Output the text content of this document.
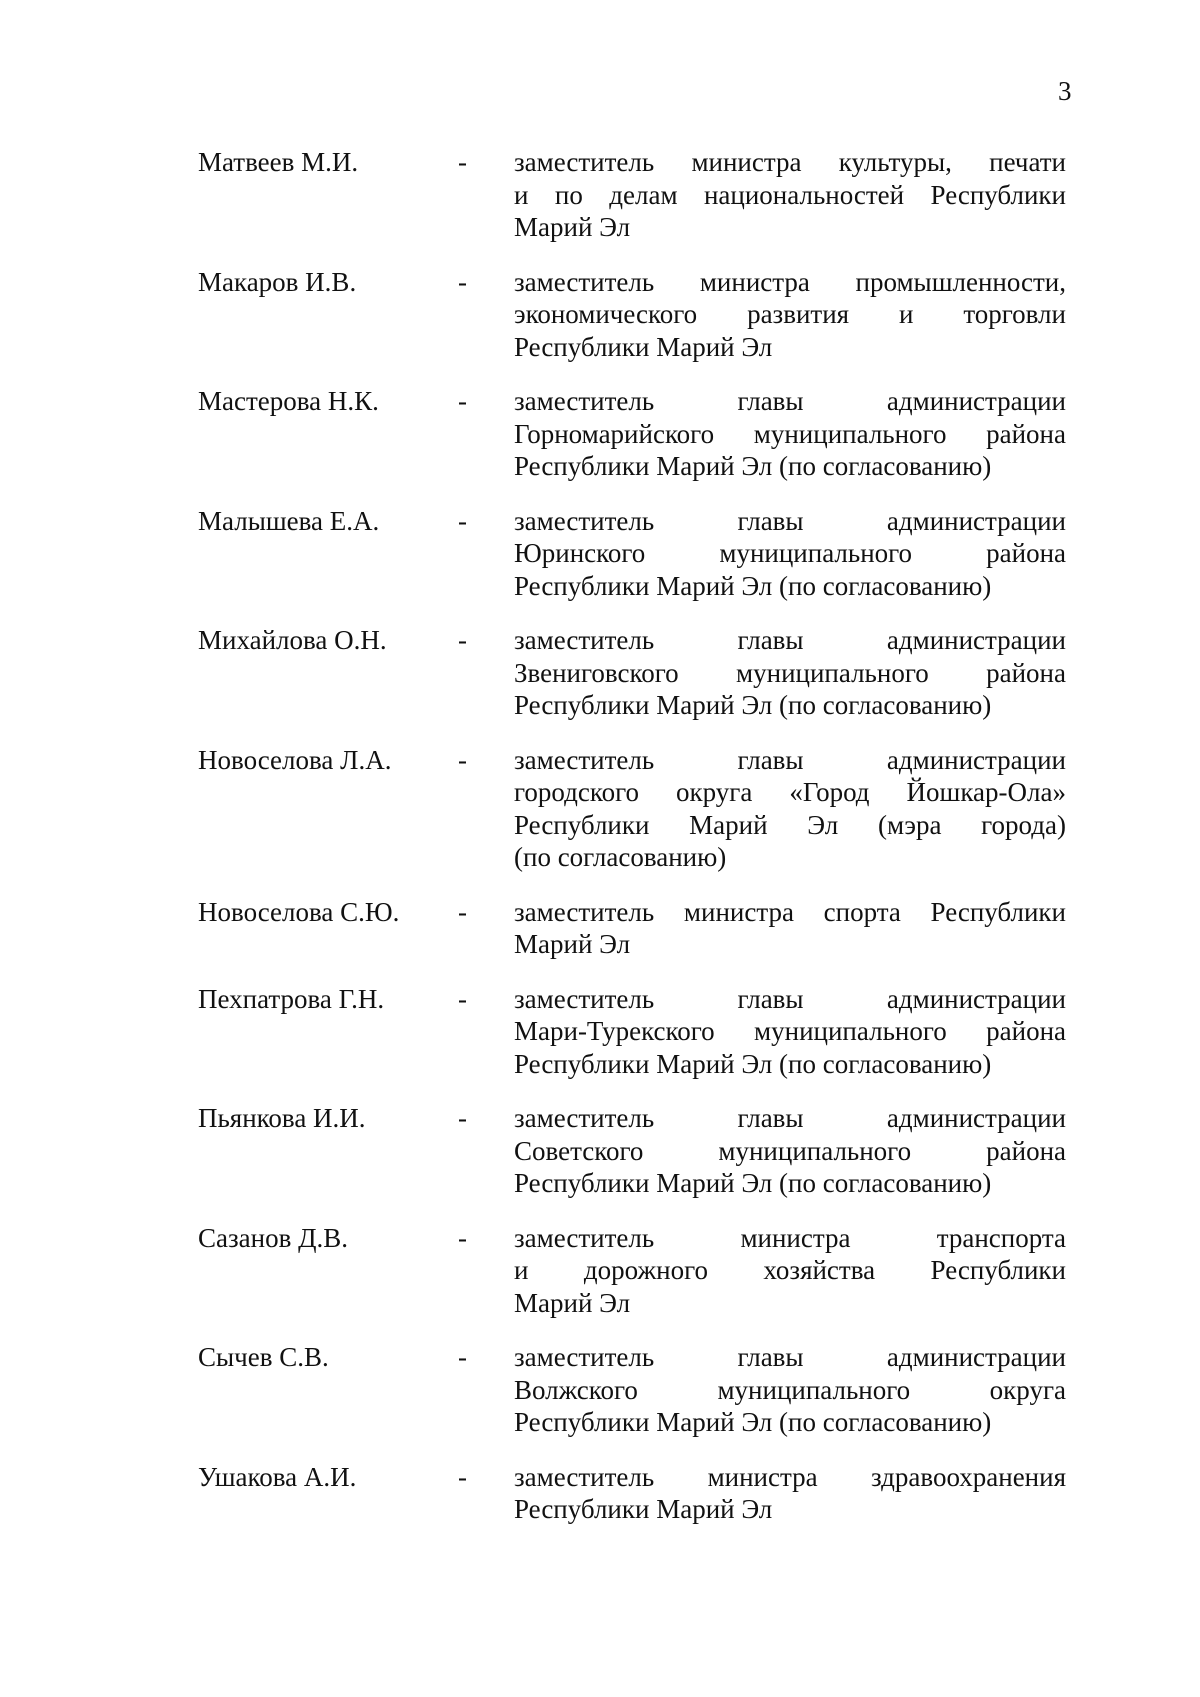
3
Матвеев М.И.	-	заместитель министра культуры, печати
и по делам национальностей Республики
Марий Эл
Макаров И.В.	-	заместитель министра промышленности,
экономического развития и торговли
Республики Марий Эл
Мастерова Н.К.	-	заместитель главы администрации
Горномарийского муниципального района
Республики Марий Эл (по согласованию)
Малышева Е.А.	-	заместитель главы администрации
Юринского муниципального района
Республики Марий Эл (по согласованию)
Михайлова О.Н.	-	заместитель главы администрации
Звениговского муниципального района
Республики Марий Эл (по согласованию)
Новоселова Л.А.	-	заместитель главы администрации
городского округа «Город Йошкар-Ола»
Республики Марий Эл (мэра города)
(по согласованию)
Новоселова С.Ю.	-	заместитель министра спорта Республики
Марий Эл
Пехпатрова Г.Н.	-	заместитель главы администрации
Мари-Турекского муниципального района
Республики Марий Эл (по согласованию)
Пьянкова И.И.	-	заместитель главы администрации
Советского муниципального района
Республики Марий Эл (по согласованию)
Сазанов Д.В.	-	заместитель министра транспорта
и дорожного хозяйства Республики
Марий Эл
Сычев С.В.	-	заместитель главы администрации
Волжского муниципального округа
Республики Марий Эл (по согласованию)
Ушакова А.И.	-	заместитель министра здравоохранения
Республики Марий Эл
